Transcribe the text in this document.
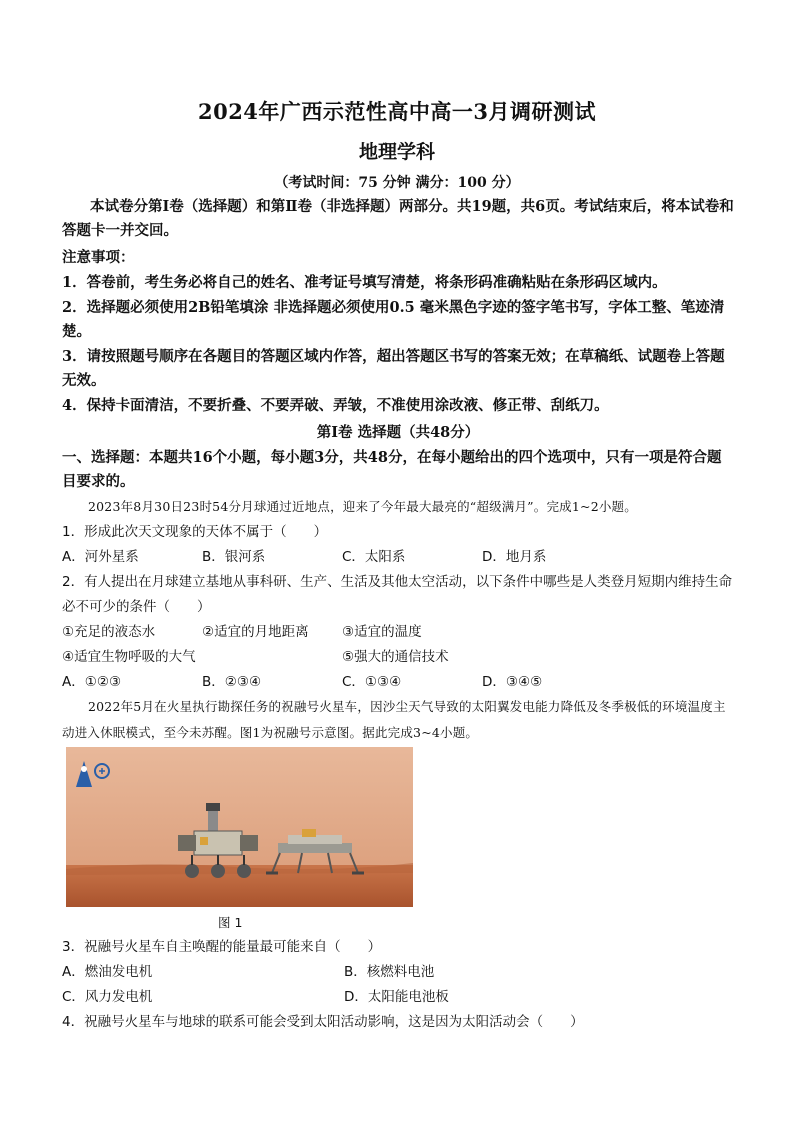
2024年广西示范性高中高一3月调研测试
地理学科
（考试时间：75 分钟 满分：100 分）
本试卷分第Ⅰ卷（选择题）和第Ⅱ卷（非选择题）两部分。共19题，共6页。考试结束后，将本试卷和答题卡一并交回。
注意事项：
1．答卷前，考生务必将自己的姓名、准考证号填写清楚，将条形码准确粘贴在条形码区域内。
2．选择题必须使用2B铅笔填涂 非选择题必须使用0.5 毫米黑色字迹的签字笔书写，字体工整、笔迹清楚。
3．请按照题号顺序在各题目的答题区域内作答，超出答题区书写的答案无效；在草稿纸、试题卷上答题无效。
4．保持卡面清洁，不要折叠、不要弄破、弄皱，不准使用涂改液、修正带、刮纸刀。
第Ⅰ卷 选择题（共48分）
一、选择题：本题共16个小题，每小题3分，共48分，在每小题给出的四个选项中，只有一项是符合题目要求的。
2023年8月30日23时54分月球通过近地点，迎来了今年最大最亮的“超级满月”。完成1~2小题。
1．形成此次天文现象的天体不属于（　　）
A．河外星系	B．银河系	C．太阳系	D．地月系
2．有人提出在月球建立基地从事科研、生产、生活及其他太空活动，以下条件中哪些是人类登月短期内维持生命必不可少的条件（　　）
①充足的液态水	②适宜的月地距离	③适宜的温度
④适宜生物呼吸的大气	⑤强大的通信技术
A．①②③	B．②③④	C．①③④	D．③④⑤
2022年5月在火星执行勘探任务的祝融号火星车，因沙尘天气导致的太阳翼发电能力降低及冬季极低的环境温度主动进入休眠模式，至今未苏醒。图1为祝融号示意图。据此完成3~4小题。
图 1
3．祝融号火星车自主唤醒的能量最可能来自（　　）
A．燃油发电机	B．核燃料电池
C．风力发电机	D．太阳能电池板
4．祝融号火星车与地球的联系可能会受到太阳活动影响，这是因为太阳活动会（　　）
